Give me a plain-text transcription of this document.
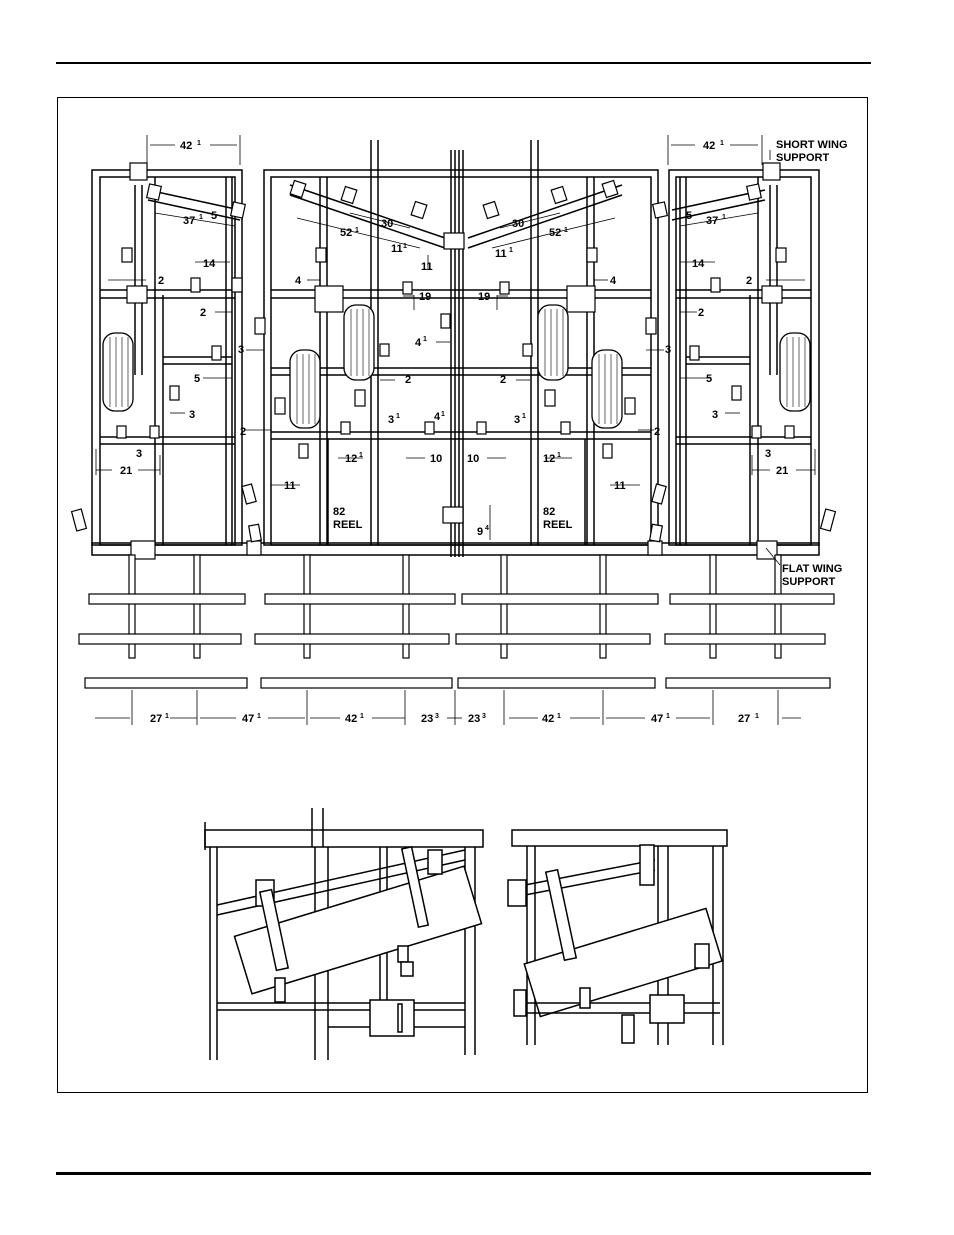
42 1	42 1
5	5
37 1	37 1
30	30
52 1	52 1
11 1
11 1
11
14	14
2	2
4	4
19	19
2	2
3	3
4 1
5	5
2	2
3	3
3 1	3 1
4 1
2	2
3	3
21	21
12 1	12 1
10 10
11	11
9 4
27 1	47 1	42 1	23 3	23 3	42 1	47 1	27 1
SHORT WING
SUPPORT
FLAT WING
SUPPORT
82
REEL
82
REEL
